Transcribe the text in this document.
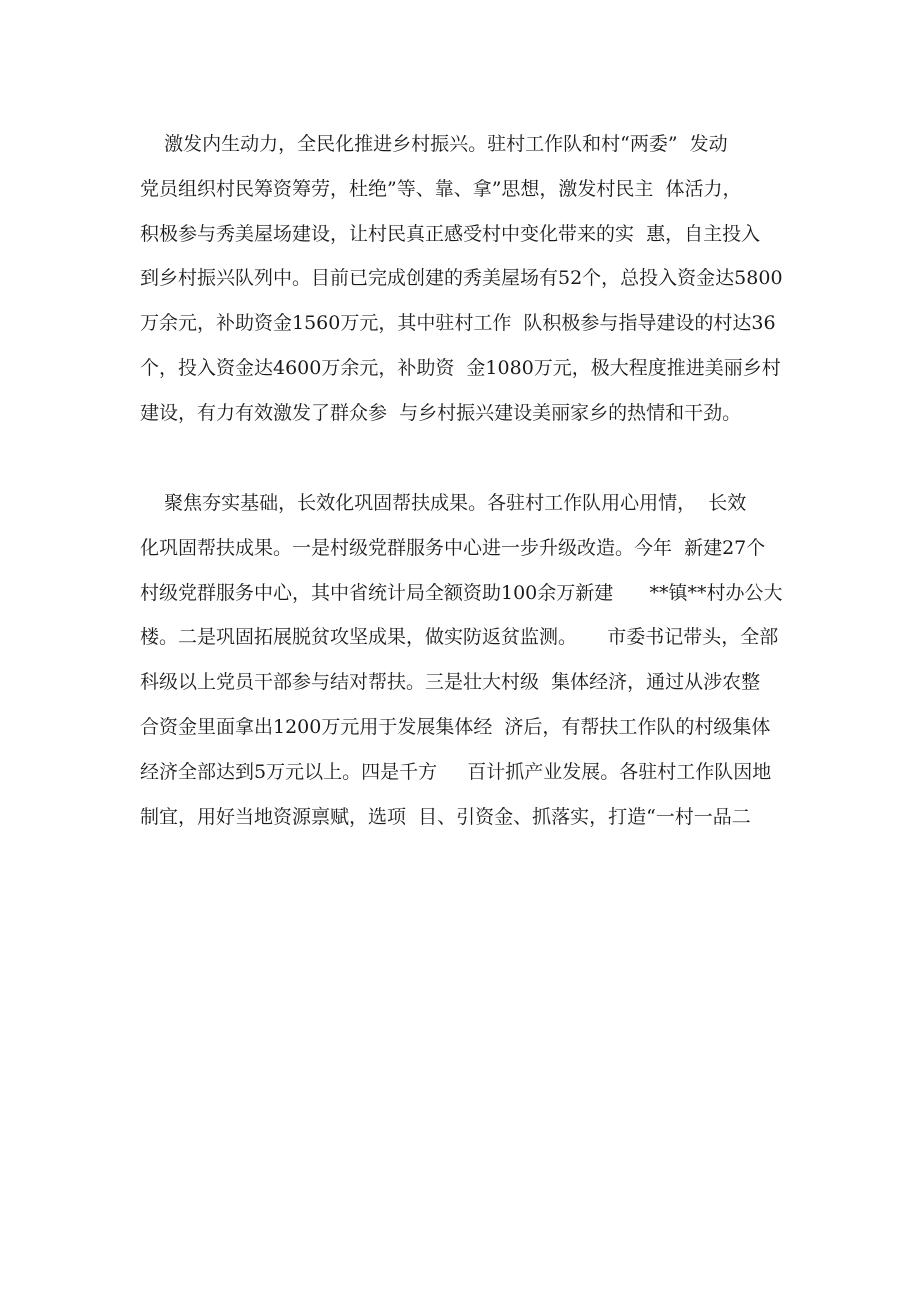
激发内生动力，全民化推进乡村振兴。驻村工作队和村“两委”  发动
党员组织村民筹资筹劳，杜绝”等、靠、拿”思想，激发村民主  体活力，
积极参与秀美屋场建设，让村民真正感受村中变化带来的实  惠，自主投入
到乡村振兴队列中。目前已完成创建的秀美屋场有52个，总投入资金达5800
万余元，补助资金1560万元，其中驻村工作  队积极参与指导建设的村达36
个，投入资金达4600万余元，补助资  金1080万元，极大程度推进美丽乡村
建设，有力有效激发了群众参  与乡村振兴建设美丽家乡的热情和干劲。
聚焦夯实基础，长效化巩固帮扶成果。各驻村工作队用心用情，  长效
化巩固帮扶成果。一是村级党群服务中心进一步升级改造。今年  新建27个
村级党群服务中心，其中省统计局全额资助100余万新建      **镇**村办公大
楼。二是巩固拓展脱贫攻坚成果，做实防返贫监测。     市委书记带头，全部
科级以上党员干部参与结对帮扶。三是壮大村级  集体经济，通过从涉农整
合资金里面拿出1200万元用于发展集体经  济后，有帮扶工作队的村级集体
经济全部达到5万元以上。四是千方     百计抓产业发展。各驻村工作队因地
制宜，用好当地资源禀赋，选项  目、引资金、抓落实，打造“一村一品二
